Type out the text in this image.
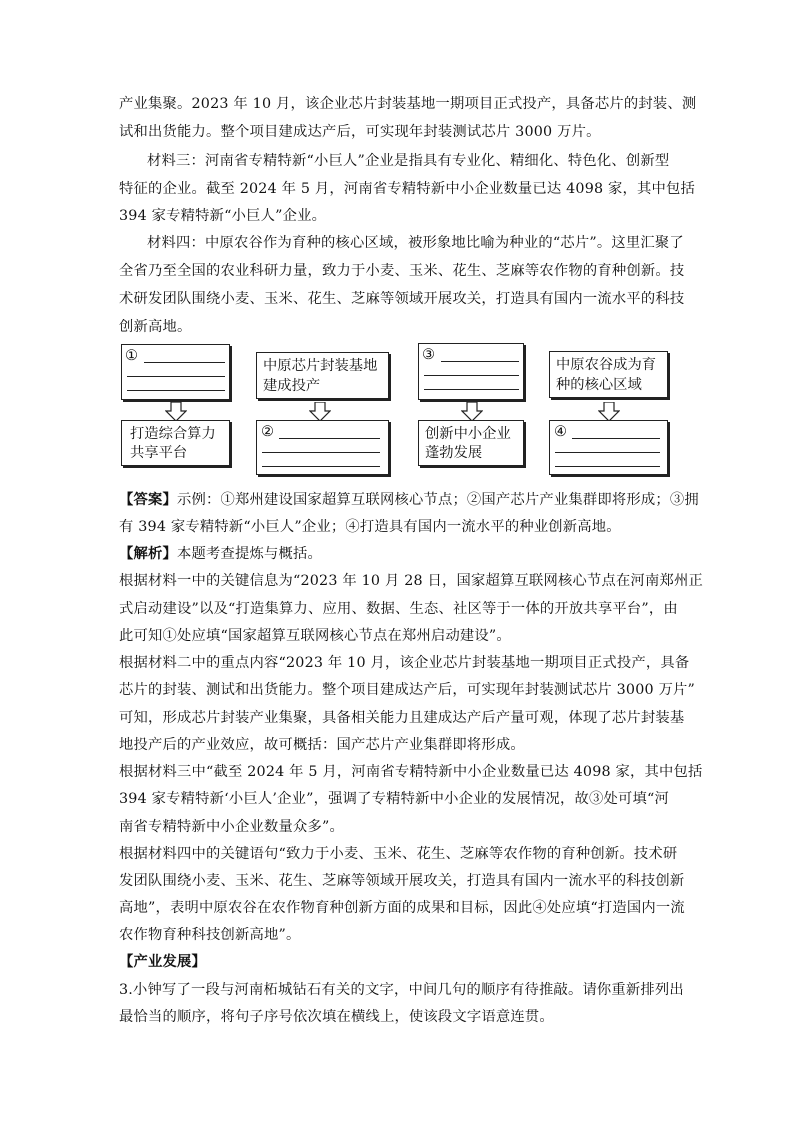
产业集聚。2023 年 10 月，该企业芯片封装基地一期项目正式投产，具备芯片的封装、测
试和出货能力。整个项目建成达产后，可实现年封装测试芯片 3000 万片。
材料三：河南省专精特新“小巨人”企业是指具有专业化、精细化、特色化、创新型
特征的企业。截至 2024 年 5 月，河南省专精特新中小企业数量已达 4098 家，其中包括
394 家专精特新“小巨人”企业。
材料四：中原农谷作为育种的核心区域，被形象地比喻为种业的“芯片”。这里汇聚了
全省乃至全国的农业科研力量，致力于小麦、玉米、花生、芝麻等农作物的育种创新。技
术研发团队围绕小麦、玉米、花生、芝麻等领域开展攻关，打造具有国内一流水平的科技
创新高地。
①
打造综合算力
共享平台
中原芯片封装基地
建成投产
②
③
创新中小企业
蓬勃发展
中原农谷成为育
种的核心区域
④
【答案】示例：①郑州建设国家超算互联网核心节点；②国产芯片产业集群即将形成；③拥
有 394 家专精特新“小巨人”企业；④打造具有国内一流水平的种业创新高地。
【解析】本题考查提炼与概括。
根据材料一中的关键信息为“2023 年 10 月 28 日，国家超算互联网核心节点在河南郑州正
式启动建设”以及“打造集算力、应用、数据、生态、社区等于一体的开放共享平台”，由
此可知①处应填“国家超算互联网核心节点在郑州启动建设”。
根据材料二中的重点内容“2023 年 10 月，该企业芯片封装基地一期项目正式投产，具备
芯片的封装、测试和出货能力。整个项目建成达产后，可实现年封装测试芯片 3000 万片”
可知，形成芯片封装产业集聚，具备相关能力且建成达产后产量可观，体现了芯片封装基
地投产后的产业效应，故可概括：国产芯片产业集群即将形成。
根据材料三中“截至 2024 年 5 月，河南省专精特新中小企业数量已达 4098 家，其中包括
394 家专精特新‘小巨人’企业”，强调了专精特新中小企业的发展情况，故③处可填“河
南省专精特新中小企业数量众多”。
根据材料四中的关键语句“致力于小麦、玉米、花生、芝麻等农作物的育种创新。技术研
发团队围绕小麦、玉米、花生、芝麻等领域开展攻关，打造具有国内一流水平的科技创新
高地”，表明中原农谷在农作物育种创新方面的成果和目标，因此④处应填“打造国内一流
农作物育种科技创新高地”。
【产业发展】
3.小钟写了一段与河南柘城钻石有关的文字，中间几句的顺序有待推敲。请你重新排列出
最恰当的顺序，将句子序号依次填在横线上，使该段文字语意连贯。
